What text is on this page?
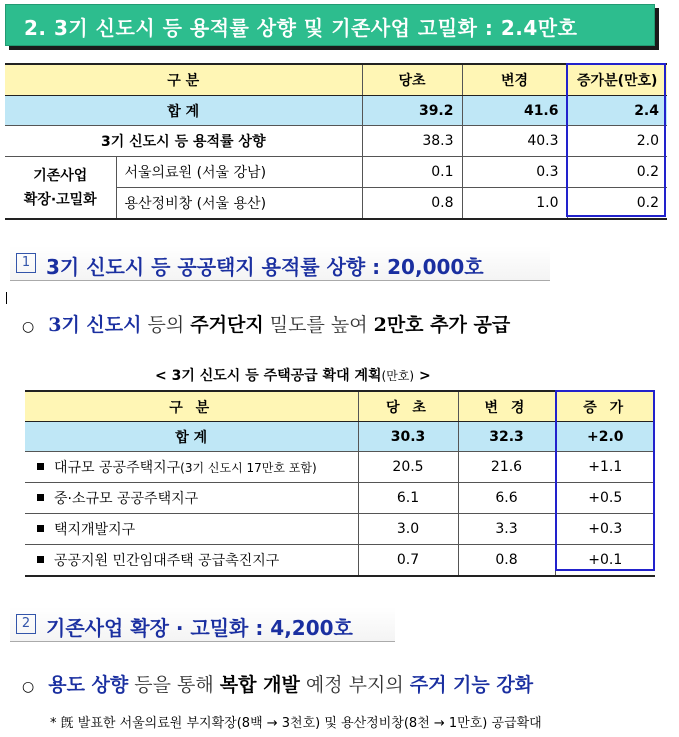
2. 3기 신도시 등 용적률 상향 및 기존사업 고밀화 : 2.4만호
구 분		당초	변경	증가분(만호)
합 계		39.2	41.6	2.4
3기 신도시 등 용적률 상향		38.3	40.3	2.0
기존사업
확장·고밀화	서울의료원 (서울 강남)	0.1	0.3	0.2
	용산정비창 (서울 용산)	0.8	1.0	0.2
1 3기 신도시 등 공공택지 용적률 상향 : 20,000호
○ 3기 신도시 등의 주거단지 밀도를 높여 2만호 추가 공급
< 3기 신도시 등 주택공급 확대 계획(만호) >
구 분	당 초	변 경	증 가
합 계	30.3	32.3	+2.0
대규모 공공주택지구(3기 신도시 17만호 포함)	20.5	21.6	+1.1
중·소규모 공공주택지구	6.1	6.6	+0.5
택지개발지구	3.0	3.3	+0.3
공공지원 민간임대주택 공급촉진지구	0.7	0.8	+0.1
2 기존사업 확장 · 고밀화 : 4,200호
○ 용도 상향 등을 통해 복합 개발 예정 부지의 주거 기능 강화
* 旣 발표한 서울의료원 부지확장(8백 → 3천호) 및 용산정비창(8천 → 1만호) 공급확대
